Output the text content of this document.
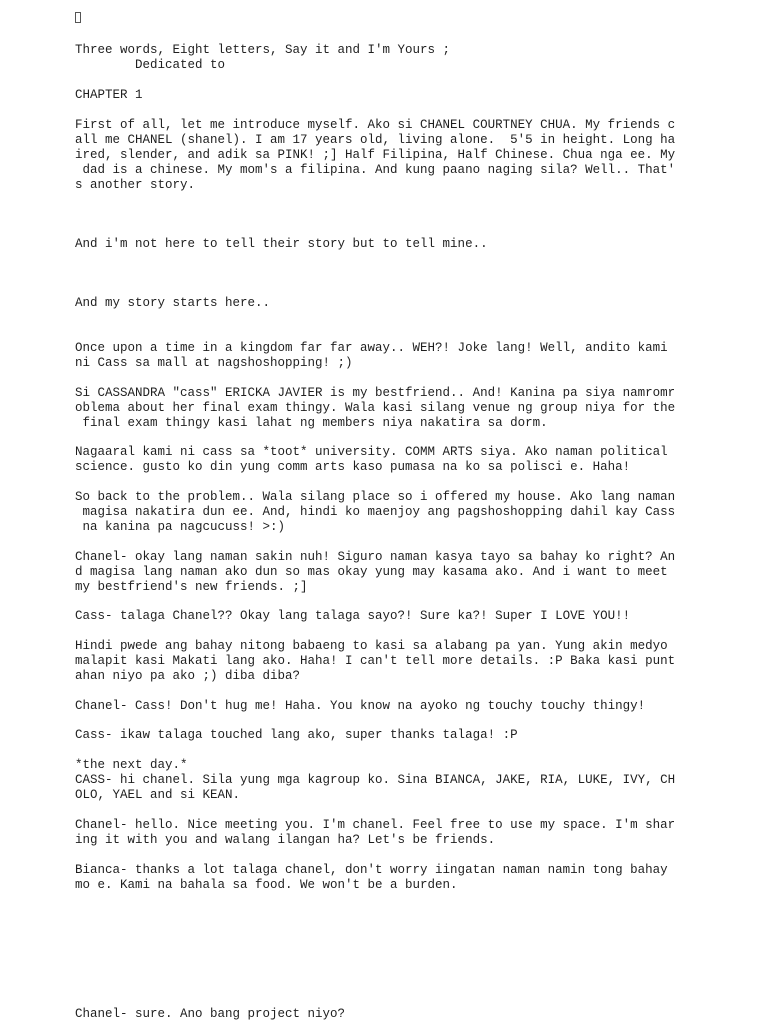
Three words, Eight letters, Say it and I'm Yours ;

Dedicated to

CHAPTER 1

First of all, let me introduce myself. Ako si CHANEL COURTNEY CHUA. My friends c

all me CHANEL (shanel). I am 17 years old, living alone.  5'5 in height. Long ha

ired, slender, and adik sa PINK! ;] Half Filipina, Half Chinese. Chua nga ee. My

dad is a chinese. My mom's a filipina. And kung paano naging sila? Well.. That'

s another story.

And i'm not here to tell their story but to tell mine..

And my story starts here..

Once upon a time in a kingdom far far away.. WEH?! Joke lang! Well, andito kami

ni Cass sa mall at nagshoshopping! ;)

Si CASSANDRA "cass" ERICKA JAVIER is my bestfriend.. And! Kanina pa siya namromr

oblema about her final exam thingy. Wala kasi silang venue ng group niya for the

final exam thingy kasi lahat ng members niya nakatira sa dorm.

Nagaaral kami ni cass sa *toot* university. COMM ARTS siya. Ako naman political

science. gusto ko din yung comm arts kaso pumasa na ko sa polisci e. Haha!

So back to the problem.. Wala silang place so i offered my house. Ako lang naman

magisa nakatira dun ee. And, hindi ko maenjoy ang pagshoshopping dahil kay Cass

na kanina pa nagcucuss! >:)

Chanel- okay lang naman sakin nuh! Siguro naman kasya tayo sa bahay ko right? An

d magisa lang naman ako dun so mas okay yung may kasama ako. And i want to meet

my bestfriend's new friends. ;]

Cass- talaga Chanel?? Okay lang talaga sayo?! Sure ka?! Super I LOVE YOU!!

Hindi pwede ang bahay nitong babaeng to kasi sa alabang pa yan. Yung akin medyo

malapit kasi Makati lang ako. Haha! I can't tell more details. :P Baka kasi punt

ahan niyo pa ako ;) diba diba?

Chanel- Cass! Don't hug me! Haha. You know na ayoko ng touchy touchy thingy!

Cass- ikaw talaga touched lang ako, super thanks talaga! :P

*the next day.*

CASS- hi chanel. Sila yung mga kagroup ko. Sina BIANCA, JAKE, RIA, LUKE, IVY, CH

OLO, YAEL and si KEAN.

Chanel- hello. Nice meeting you. I'm chanel. Feel free to use my space. I'm shar

ing it with you and walang ilangan ha? Let's be friends.

Bianca- thanks a lot talaga chanel, don't worry iingatan naman namin tong bahay

mo e. Kami na bahala sa food. We won't be a burden.

Chanel- sure. Ano bang project niyo?
